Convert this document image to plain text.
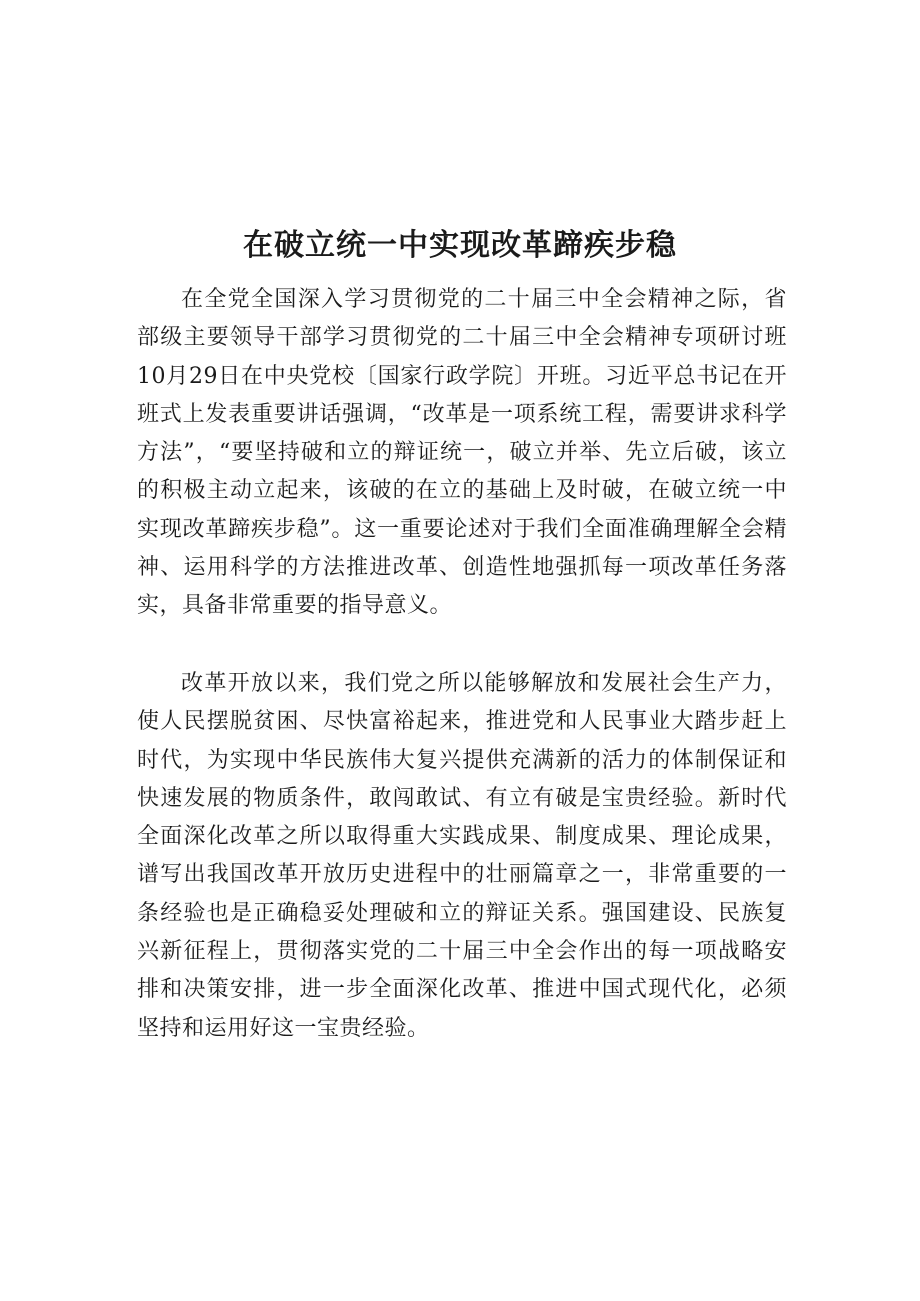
在破立统一中实现改革蹄疾步稳

在全党全国深入学习贯彻党的二十届三中全会精神之际，省部级主要领导干部学习贯彻党的二十届三中全会精神专项研讨班10月29日在中央党校〔国家行政学院〕开班。习近平总书记在开班式上发表重要讲话强调，“改革是一项系统工程，需要讲求科学方法”，“要坚持破和立的辩证统一，破立并举、先立后破，该立的积极主动立起来，该破的在立的基础上及时破，在破立统一中实现改革蹄疾步稳”。这一重要论述对于我们全面准确理解全会精神、运用科学的方法推进改革、创造性地强抓每一项改革任务落实，具备非常重要的指导意义。

改革开放以来，我们党之所以能够解放和发展社会生产力，使人民摆脱贫困、尽快富裕起来，推进党和人民事业大踏步赶上时代，为实现中华民族伟大复兴提供充满新的活力的体制保证和快速发展的物质条件，敢闯敢试、有立有破是宝贵经验。新时代全面深化改革之所以取得重大实践成果、制度成果、理论成果，谱写出我国改革开放历史进程中的壮丽篇章之一，非常重要的一条经验也是正确稳妥处理破和立的辩证关系。强国建设、民族复兴新征程上，贯彻落实党的二十届三中全会作出的每一项战略安排和决策安排，进一步全面深化改革、推进中国式现代化，必须坚持和运用好这一宝贵经验。
